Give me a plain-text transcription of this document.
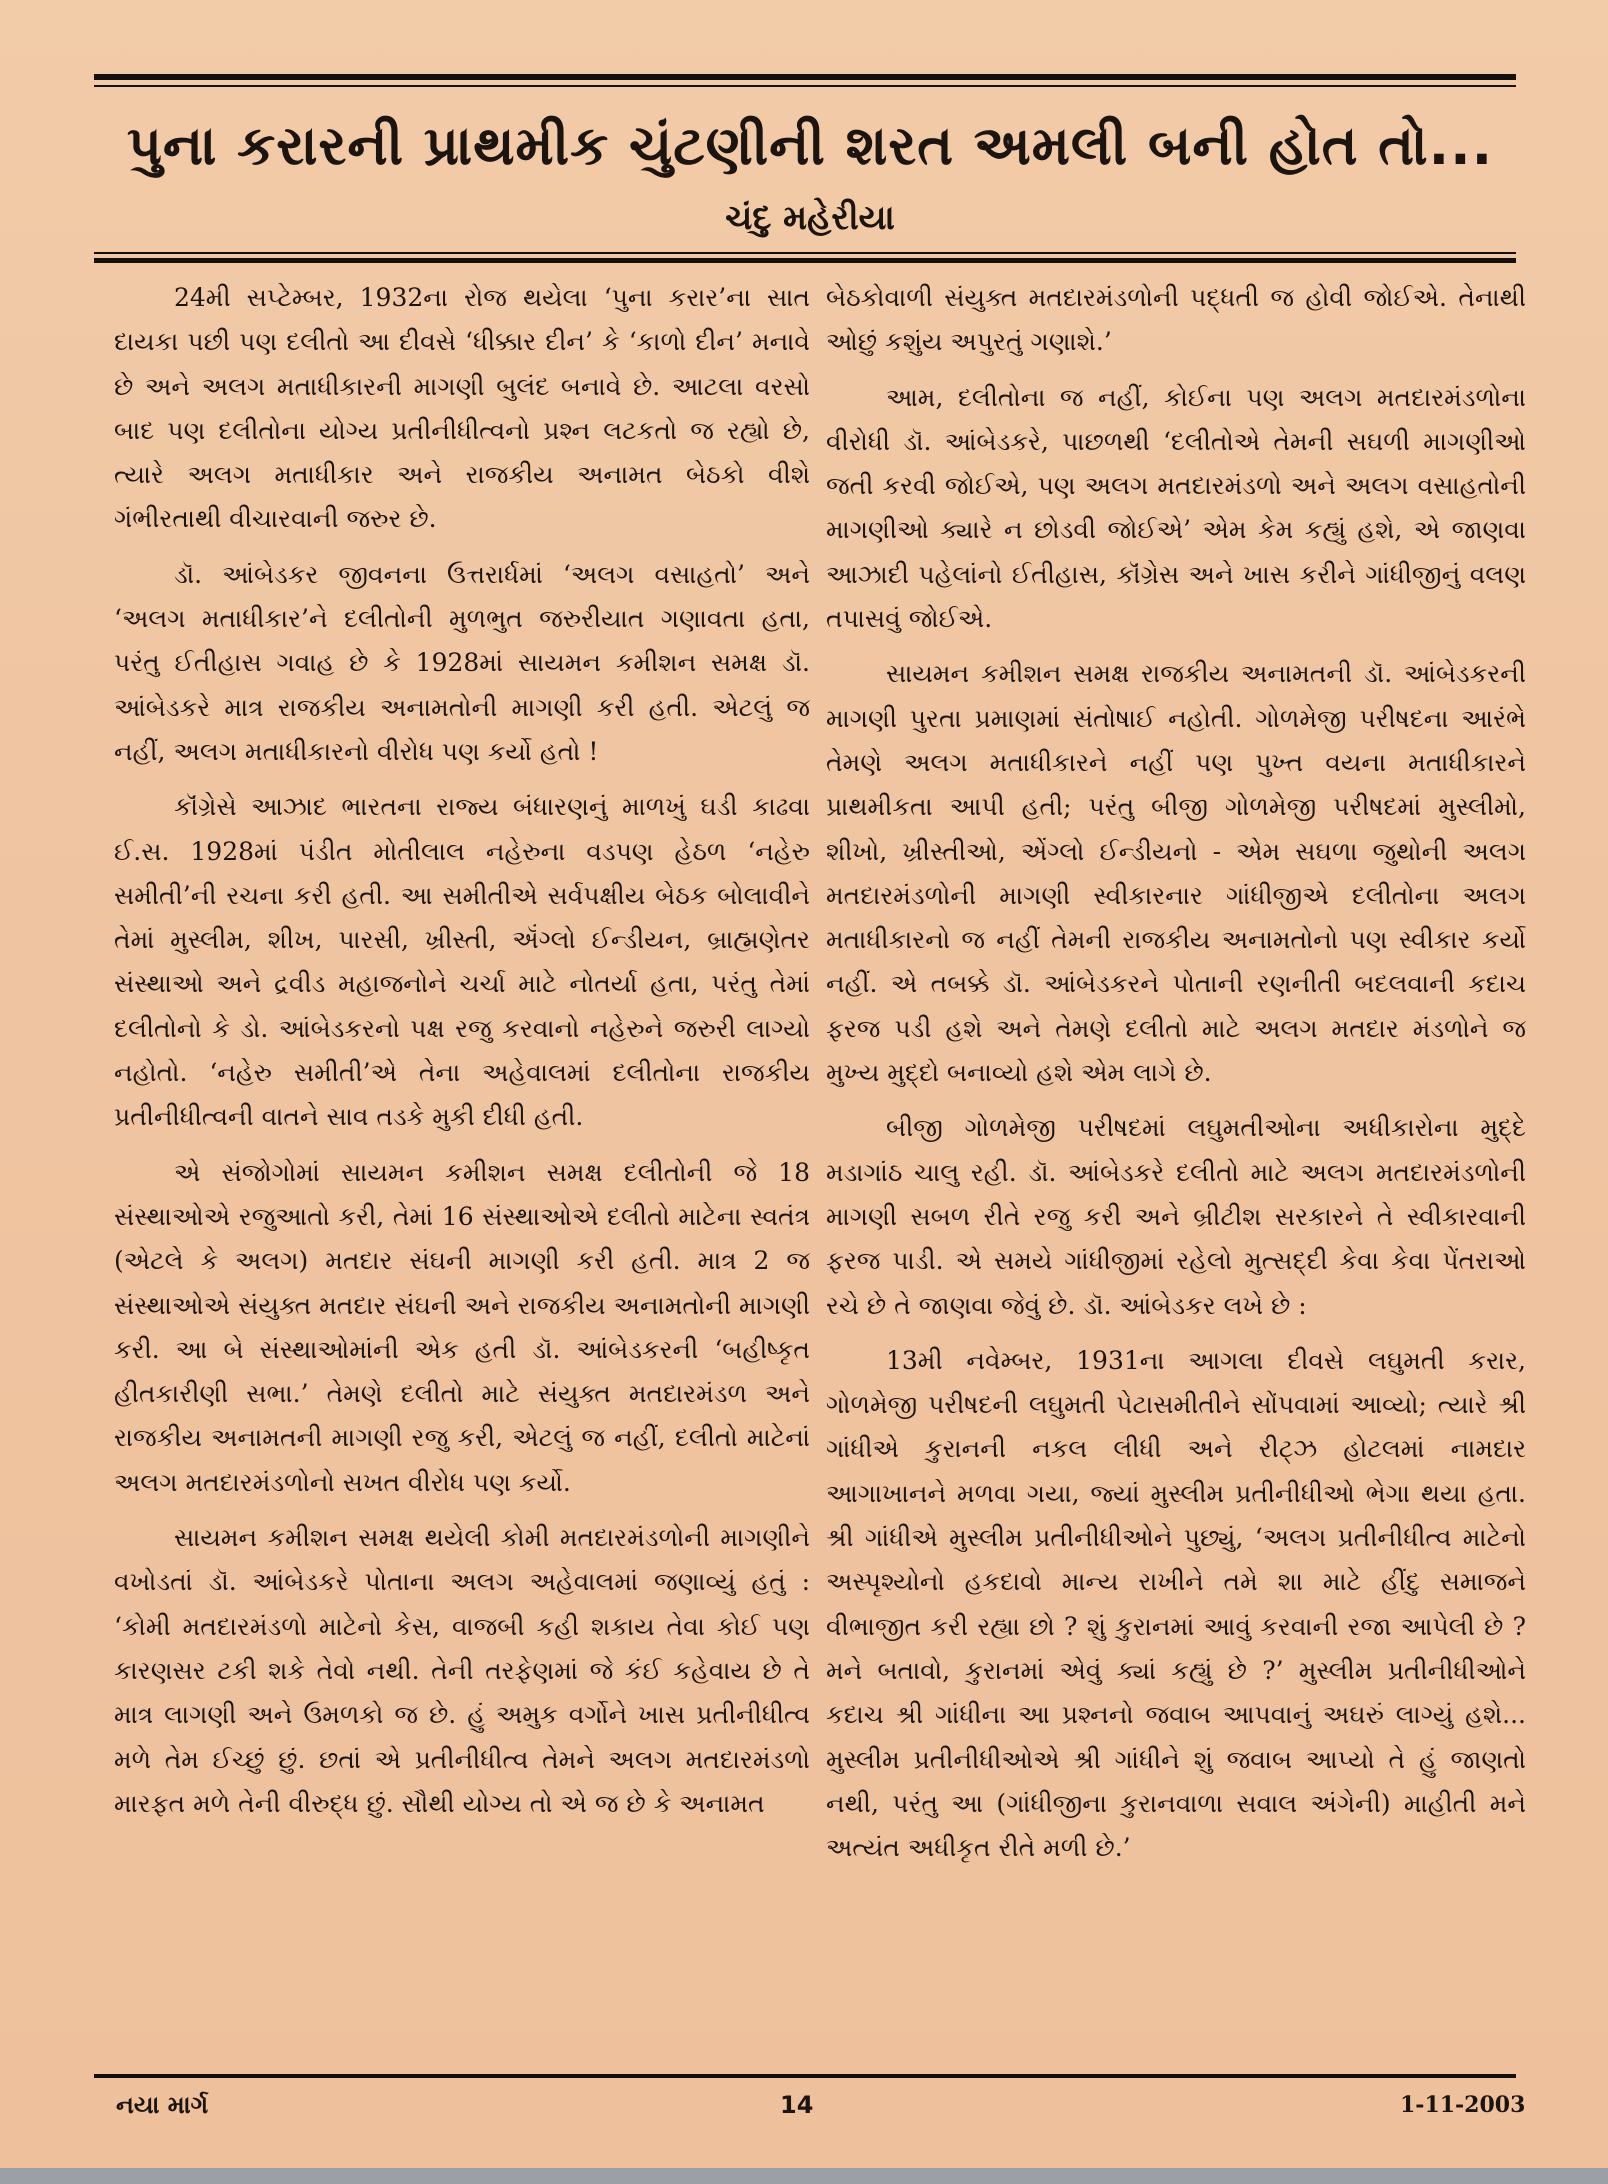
પુના કરારની પ્રાથમીક ચુંટણીની શરત અમલી બની હોત તો...
ચંદુ મહેરીયા

24મી સપ્ટેમ્બર, 1932ના રોજ થયેલા ‘પુના કરાર’ના સાત દાયકા પછી પણ દલીતો આ દીવસે ‘ધીક્કાર દીન’ કે ‘કાળો દીન’ મનાવે છે અને અલગ મતાધીકારની માગણી બુલંદ બનાવે છે. આટલા વરસો બાદ પણ દલીતોના યોગ્ય પ્રતીનીધીત્વનો પ્રશ્ન લટકતો જ રહ્યો છે, ત્યારે અલગ મતાધીકાર અને રાજકીય અનામત બેઠકો વીશે ગંભીરતાથી વીચારવાની જરુર છે.

ડૉ. આંબેડકર જીવનના ઉત્તરાર્ધમાં ‘અલગ વસાહતો’ અને ‘અલગ મતાધીકાર’ને દલીતોની મુળભુત જરુરીયાત ગણાવતા હતા, પરંતુ ઈતીહાસ ગવાહ છે કે 1928માં સાયમન કમીશન સમક્ષ ડૉ. આંબેડકરે માત્ર રાજકીય અનામતોની માગણી કરી હતી. એટલું જ નહીં, અલગ મતાધીકારનો વીરોધ પણ કર્યો હતો !

કૉંગ્રેસે આઝાદ ભારતના રાજ્ય બંધારણનું માળખું ઘડી કાઢવા ઈ.સ. 1928માં પંડીત મોતીલાલ નહેરુના વડપણ હેઠળ ‘નહેરુ સમીતી’ની રચના કરી હતી. આ સમીતીએ સર્વપક્ષીય બેઠક બોલાવીને તેમાં મુસ્લીમ, શીખ, પારસી, ખ્રીસ્તી, ઍંગ્લો ઈન્ડીયન, બ્રાહ્મણેતર સંસ્થાઓ અને દ્રવીડ મહાજનોને ચર્ચા માટે નોતર્યા હતા, પરંતુ તેમાં દલીતોનો કે ડો. આંબેડકરનો પક્ષ રજુ કરવાનો નહેરુને જરુરી લાગ્યો નહોતો. ‘નહેરુ સમીતી’એ તેના અહેવાલમાં દલીતોના રાજકીય પ્રતીનીધીત્વની વાતને સાવ તડકે મુકી દીધી હતી.

એ સંજોગોમાં સાયમન કમીશન સમક્ષ દલીતોની જે 18 સંસ્થાઓએ રજુઆતો કરી, તેમાં 16 સંસ્થાઓએ દલીતો માટેના સ્વતંત્ર (એટલે કે અલગ) મતદાર સંઘની માગણી કરી હતી. માત્ર 2 જ સંસ્થાઓએ સંયુક્ત મતદાર સંઘની અને રાજકીય અનામતોની માગણી કરી. આ બે સંસ્થાઓમાંની એક હતી ડૉ. આંબેડકરની ‘બહીષ્કૃત હીતકારીણી સભા.’ તેમણે દલીતો માટે સંયુક્ત મતદારમંડળ અને રાજકીય અનામતની માગણી રજુ કરી, એટલું જ નહીં, દલીતો માટેનાં અલગ મતદારમંડળોનો સખત વીરોધ પણ કર્યો.

સાયમન કમીશન સમક્ષ થયેલી કોમી મતદારમંડળોની માગણીને વખોડતાં ડૉ. આંબેડકરે પોતાના અલગ અહેવાલમાં જણાવ્યું હતું : ‘કોમી મતદારમંડળો માટેનો કેસ, વાજબી કહી શકાય તેવા કોઈ પણ કારણસર ટકી શકે તેવો નથી. તેની તરફેણમાં જે કંઈ કહેવાય છે તે માત્ર લાગણી અને ઉમળકો જ છે. હું અમુક વર્ગોને ખાસ પ્રતીનીધીત્વ મળે તેમ ઈચ્છું છું. છતાં એ પ્રતીનીધીત્વ તેમને અલગ મતદારમંડળો મારફત મળે તેની વીરુદ્ધ છું. સૌથી યોગ્ય તો એ જ છે કે અનામત

બેઠકોવાળી સંયુક્ત મતદારમંડળોની પદ્ધતી જ હોવી જોઈએ. તેનાથી ઓછું કશુંય અપુરતું ગણાશે.’

આમ, દલીતોના જ નહીં, કોઈના પણ અલગ મતદારમંડળોના વીરોધી ડૉ. આંબેડકરે, પાછળથી ‘દલીતોએ તેમની સઘળી માગણીઓ જતી કરવી જોઈએ, પણ અલગ મતદારમંડળો અને અલગ વસાહતોની માગણીઓ ક્યારે ન છોડવી જોઈએ’ એમ કેમ કહ્યું હશે, એ જાણવા આઝાદી પહેલાંનો ઈતીહાસ, કૉંગ્રેસ અને ખાસ કરીને ગાંધીજીનું વલણ તપાસવું જોઈએ.

સાયમન કમીશન સમક્ષ રાજકીય અનામતની ડૉ. આંબેડકરની માગણી પુરતા પ્રમાણમાં સંતોષાઈ નહોતી. ગોળમેજી પરીષદના આરંભે તેમણે અલગ મતાધીકારને નહીં પણ પુખ્ત વયના મતાધીકારને પ્રાથમીકતા આપી હતી; પરંતુ બીજી ગોળમેજી પરીષદમાં મુસ્લીમો, શીખો, ખ્રીસ્તીઓ, એંગ્લો ઈન્ડીયનો - એમ સઘળા જુથોની અલગ મતદારમંડળોની માગણી સ્વીકારનાર ગાંધીજીએ દલીતોના અલગ મતાધીકારનો જ નહીં તેમની રાજકીય અનામતોનો પણ સ્વીકાર કર્યો નહીં. એ તબક્કે ડૉ. આંબેડકરને પોતાની રણનીતી બદલવાની કદાચ ફરજ પડી હશે અને તેમણે દલીતો માટે અલગ મતદાર મંડળોને જ મુખ્ય મુદ્દો બનાવ્યો હશે એમ લાગે છે.

બીજી ગોળમેજી પરીષદમાં લઘુમતીઓના અધીકારોના મુદ્દે મડાગાંઠ ચાલુ રહી. ડૉ. આંબેડકરે દલીતો માટે અલગ મતદારમંડળોની માગણી સબળ રીતે રજુ કરી અને બ્રીટીશ સરકારને તે સ્વીકારવાની ફરજ પાડી. એ સમયે ગાંધીજીમાં રહેલો મુત્સદ્દી કેવા કેવા પેંતરાઓ રચે છે તે જાણવા જેવું છે. ડૉ. આંબેડકર લખે છે :

13મી નવેમ્બર, 1931ના આગલા દીવસે લઘુમતી કરાર, ગોળમેજી પરીષદની લઘુમતી પેટાસમીતીને સોંપવામાં આવ્યો; ત્યારે શ્રી ગાંધીએ કુરાનની નકલ લીધી અને રીટ્ઝ હોટલમાં નામદાર આગાખાનને મળવા ગયા, જ્યાં મુસ્લીમ પ્રતીનીધીઓ ભેગા થયા હતા. શ્રી ગાંધીએ મુસ્લીમ પ્રતીનીધીઓને પુછ્યું, ‘અલગ પ્રતીનીધીત્વ માટેનો અસ્પૃશ્યોનો હકદાવો માન્ય રાખીને તમે શા માટે હીંદુ સમાજને વીભાજીત કરી રહ્યા છો ? શું કુરાનમાં આવું કરવાની રજા આપેલી છે ? મને બતાવો, કુરાનમાં એવું ક્યાં કહ્યું છે ?’ મુસ્લીમ પ્રતીનીધીઓને કદાચ શ્રી ગાંધીના આ પ્રશ્નનો જવાબ આપવાનું અઘરું લાગ્યું હશે... મુસ્લીમ પ્રતીનીધીઓએ શ્રી ગાંધીને શું જવાબ આપ્યો તે હું જાણતો નથી, પરંતુ આ (ગાંધીજીના કુરાનવાળા સવાલ અંગેની) માહીતી મને અત્યંત અધીકૃત રીતે મળી છે.’

નયા માર્ગ	14	1-11-2003
